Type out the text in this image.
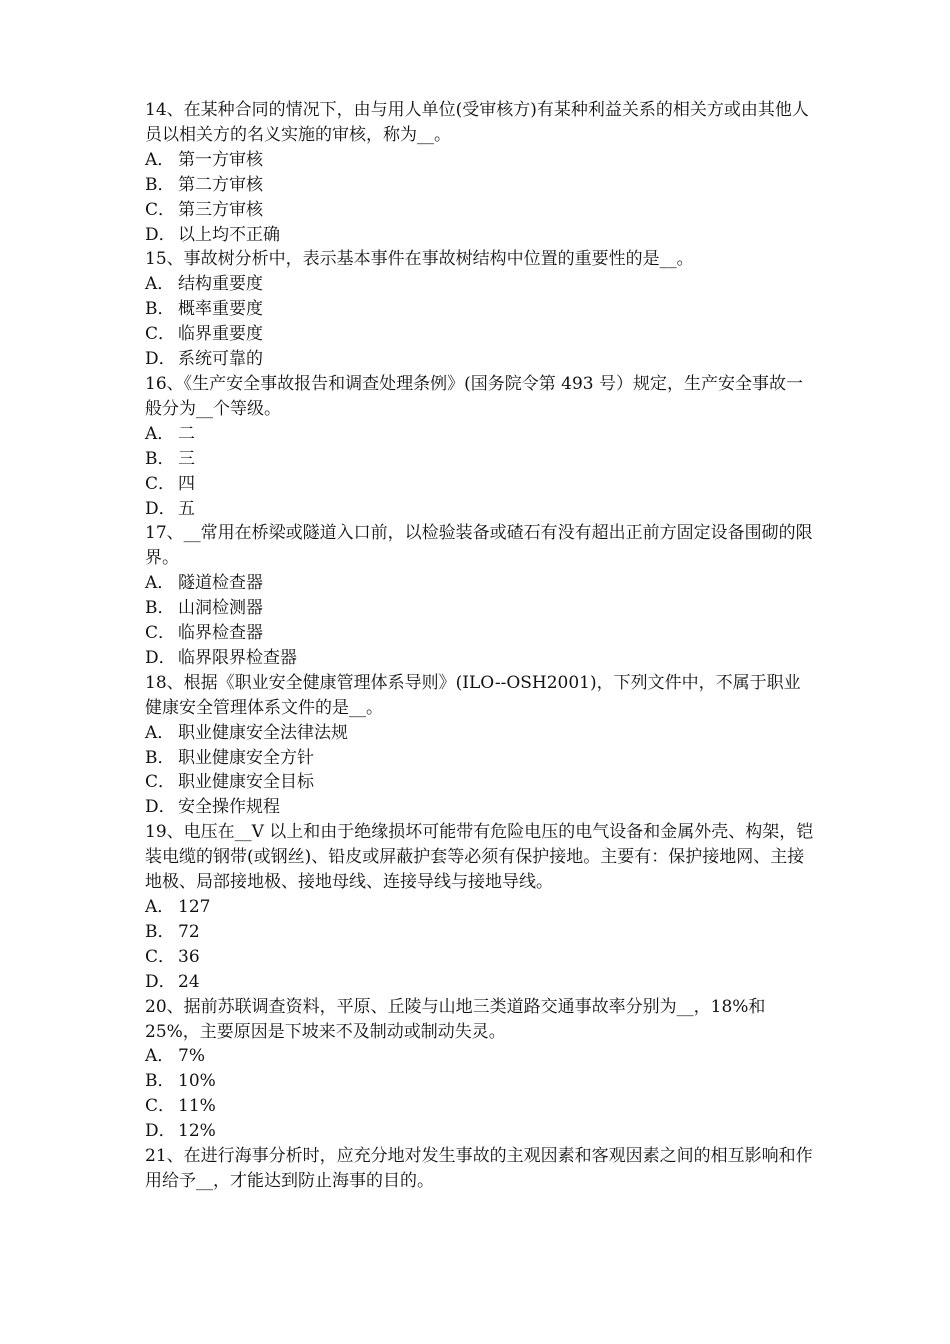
14、在某种合同的情况下，由与用人单位(受审核方)有某种利益关系的相关方或由其他人员以相关方的名义实施的审核，称为__。

A． 第一方审核

B． 第二方审核

C． 第三方审核

D． 以上均不正确

15、事故树分析中，表示基本事件在事故树结构中位置的重要性的是__。

A． 结构重要度

B． 概率重要度

C． 临界重要度

D． 系统可靠的

16、《生产安全事故报告和调查处理条例》(国务院令第 493 号）规定，生产安全事故一般分为__个等级。

A． 二

B． 三

C． 四

D． 五

17、__常用在桥梁或隧道入口前，以检验装备或碴石有没有超出正前方固定设备围砌的限界。

A． 隧道检查器

B． 山洞检测器

C． 临界检查器

D． 临界限界检查器

18、根据《职业安全健康管理体系导则》(ILO--OSH2001)，下列文件中，不属于职业健康安全管理体系文件的是__。

A． 职业健康安全法律法规

B． 职业健康安全方针

C． 职业健康安全目标

D． 安全操作规程

19、电压在__V 以上和由于绝缘损坏可能带有危险电压的电气设备和金属外壳、构架，铠装电缆的钢带(或钢丝)、铅皮或屏蔽护套等必须有保护接地。主要有：保护接地网、主接地极、局部接地极、接地母线、连接导线与接地导线。

A． 127

B． 72

C． 36

D． 24

20、据前苏联调查资料，平原、丘陵与山地三类道路交通事故率分别为__，18%和 25%，主要原因是下坡来不及制动或制动失灵。

A． 7%

B． 10%

C． 11%

D． 12%

21、在进行海事分析时，应充分地对发生事故的主观因素和客观因素之间的相互影响和作用给予__，才能达到防止海事的目的。
